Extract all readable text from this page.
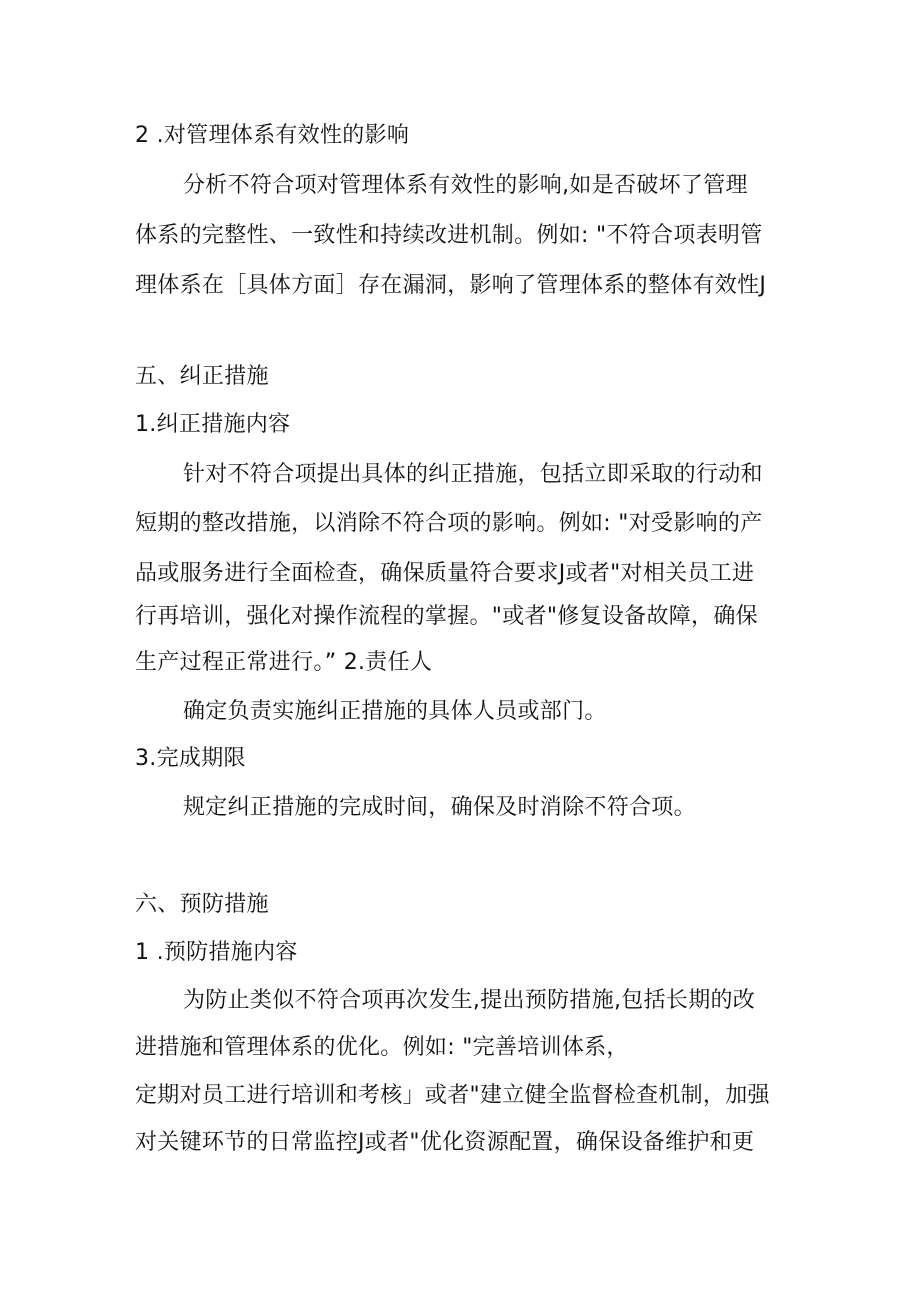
2 .对管理体系有效性的影响
分析不符合项对管理体系有效性的影响,如是否破坏了管理
体系的完整性、一致性和持续改进机制。例如: "不符合项表明管
理体系在［具体方面］存在漏洞，影响了管理体系的整体有效性J
五、纠正措施
1.纠正措施内容
针对不符合项提出具体的纠正措施，包括立即采取的行动和
短期的整改措施，以消除不符合项的影响。例如: "对受影响的产
品或服务进行全面检查，确保质量符合要求J或者"对相关员工进
行再培训，强化对操作流程的掌握。"或者"修复设备故障，确保
生产过程正常进行。” 2.责任人
确定负责实施纠正措施的具体人员或部门。
3.完成期限
规定纠正措施的完成时间，确保及时消除不符合项。
六、预防措施
1 .预防措施内容
为防止类似不符合项再次发生,提出预防措施,包括长期的改
进措施和管理体系的优化。例如: "完善培训体系，
定期对员工进行培训和考核」或者"建立健全监督检查机制，加强
对关键环节的日常监控J或者"优化资源配置，确保设备维护和更
